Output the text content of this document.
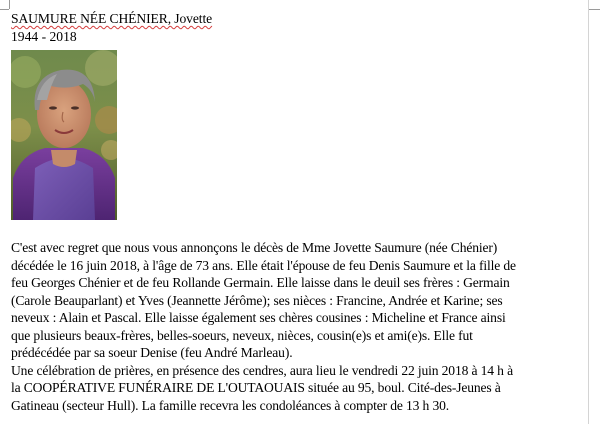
SAUMURE NÉE CHÉNIER, Jovette
1944 - 2018
C'est avec regret que nous vous annonçons le décès de Mme Jovette Saumure (née Chénier)
décédée le 16 juin 2018, à l'âge de 73 ans. Elle était l'épouse de feu Denis Saumure et la fille de
feu Georges Chénier et de feu Rollande Germain. Elle laisse dans le deuil ses frères : Germain
(Carole Beauparlant) et Yves (Jeannette Jérôme); ses nièces : Francine, Andrée et Karine; ses
neveux : Alain et Pascal. Elle laisse également ses chères cousines : Micheline et France ainsi
que plusieurs beaux-frères, belles-soeurs, neveux, nièces, cousin(e)s et ami(e)s. Elle fut
prédécédée par sa soeur Denise (feu André Marleau).
Une célébration de prières, en présence des cendres, aura lieu le vendredi 22 juin 2018 à 14 h à
la COOPÉRATIVE FUNÉRAIRE DE L'OUTAOUAIS située au 95, boul. Cité-des-Jeunes à
Gatineau (secteur Hull). La famille recevra les condoléances à compter de 13 h 30.
